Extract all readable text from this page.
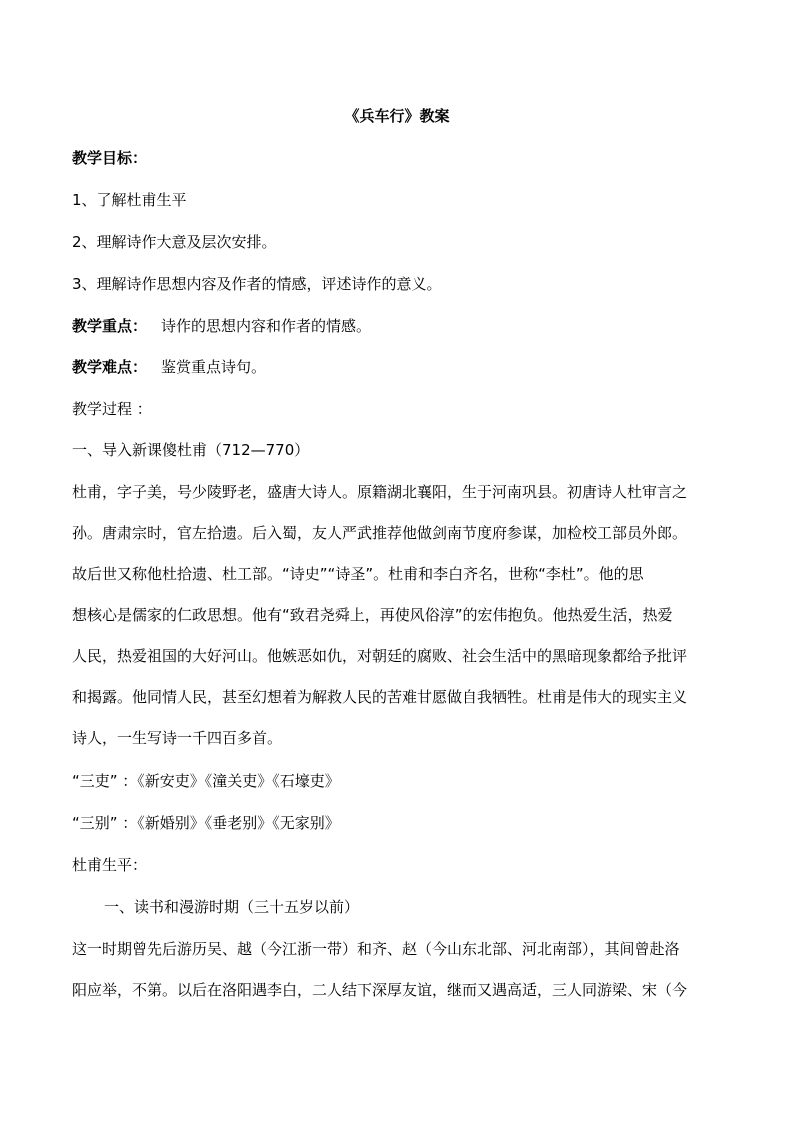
《兵车行》教案
教学目标：
1、了解杜甫生平
2、理解诗作大意及层次安排。
3、理解诗作思想内容及作者的情感，评述诗作的意义。
教学重点： 诗作的思想内容和作者的情感。
教学难点： 鉴赏重点诗句。
教学过程 ：
一、导入新课傻杜甫（712—770）
杜甫，字子美，号少陵野老，盛唐大诗人。原籍湖北襄阳，生于河南巩县。初唐诗人杜审言之
孙。唐肃宗时，官左拾遗。后入蜀，友人严武推荐他做剑南节度府参谋，加检校工部员外郎。
故后世又称他杜拾遗、杜工部。“诗史”“诗圣”。杜甫和李白齐名，世称“李杜”。他的思
想核心是儒家的仁政思想。他有“致君尧舜上，再使风俗淳”的宏伟抱负。他热爱生活，热爱
人民，热爱祖国的大好河山。他嫉恶如仇，对朝廷的腐败、社会生活中的黑暗现象都给予批评
和揭露。他同情人民，甚至幻想着为解救人民的苦难甘愿做自我牺牲。杜甫是伟大的现实主义
诗人，一生写诗一千四百多首。
“三吏” ：《新安吏》《潼关吏》《石壕吏》
“三别” ：《新婚别》《垂老别》《无家别》
杜甫生平：
一、读书和漫游时期（三十五岁以前）
这一时期曾先后游历吴、越（今江浙一带）和齐、赵（今山东北部、河北南部），其间曾赴洛
阳应举，不第。以后在洛阳遇李白，二人结下深厚友谊，继而又遇高适，三人同游梁、宋（今
